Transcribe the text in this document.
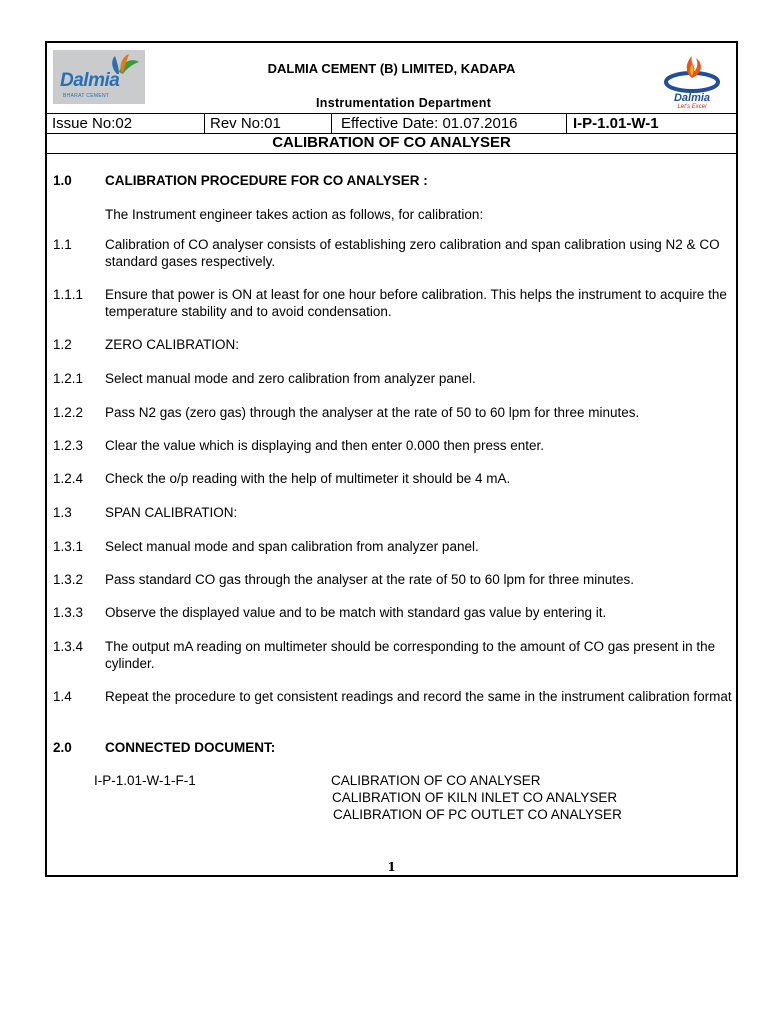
Dalmia
BHARAT CEMENT
DALMIA CEMENT (B) LIMITED, KADAPA
Instrumentation Department	Dalmia
Let's Excel
Issue No:02	Rev No:01	Effective Date: 01.07.2016	I-P-1.01-W-1
CALIBRATION OF CO ANALYSER
1.0	CALIBRATION PROCEDURE FOR CO ANALYSER :
The Instrument engineer takes action as follows, for calibration:
1.1	Calibration of CO analyser consists of establishing zero calibration and span calibration using N2 & CO standard gases respectively.
1.1.1	Ensure that power is ON at least for one hour before calibration. This helps the instrument to acquire the temperature stability and to avoid condensation.
1.2	ZERO CALIBRATION:
1.2.1	Select manual mode and zero calibration from analyzer panel.
1.2.2	Pass N2 gas (zero gas) through the analyser at the rate of 50 to 60 lpm for three minutes.
1.2.3	Clear the value which is displaying and then enter 0.000 then press enter.
1.2.4	Check the o/p reading with the help of multimeter it should be 4 mA.
1.3	SPAN CALIBRATION:
1.3.1	Select manual mode and span calibration from analyzer panel.
1.3.2	Pass standard CO gas through the analyser at the rate of 50 to 60 lpm for three minutes.
1.3.3	Observe the displayed value and to be match with standard gas value by entering it.
1.3.4	The output mA reading on multimeter should be corresponding to the amount of CO gas present in the cylinder.
1.4	Repeat the procedure to get consistent readings and record the same in the instrument calibration format
2.0	CONNECTED DOCUMENT:
I-P-1.01-W-1-F-1	CALIBRATION OF CO ANALYSER
CALIBRATION OF KILN INLET CO ANALYSER
CALIBRATION OF PC OUTLET CO ANALYSER
1
